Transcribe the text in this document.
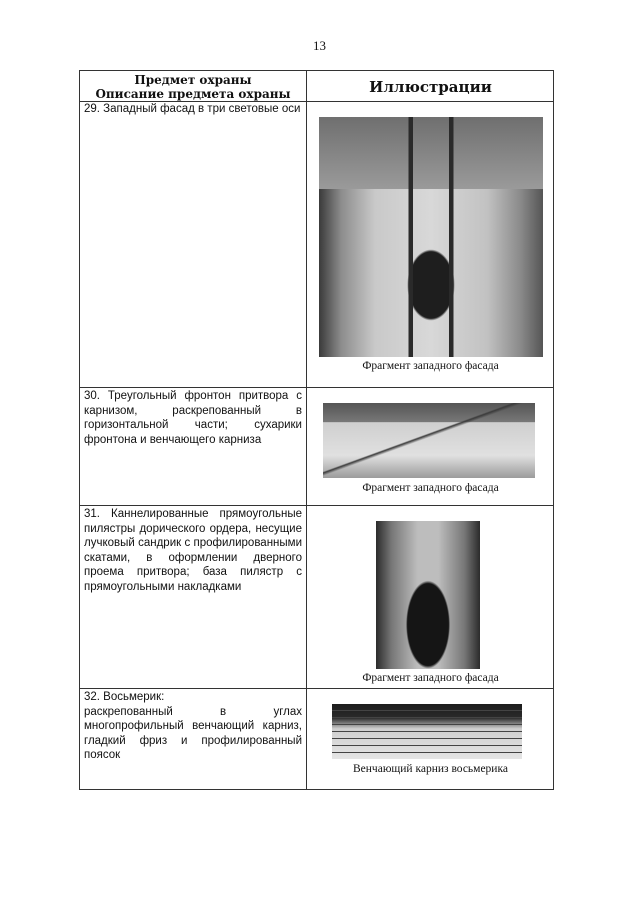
13
Предмет охраны
Описание предмета охраны	Иллюстрации
29. Западный фасад в три световые оси
Фрагмент западного фасада
30. Треугольный фронтон притвора с карнизом, раскрепованный в горизонтальной части; сухарики фронтона и венчающего карниза
Фрагмент западного фасада
31. Каннелированные прямоугольные пилястры дорического ордера, несущие лучковый сандрик с профилированными скатами, в оформлении дверного проема притвора; база пилястр с прямоугольными накладками
Фрагмент западного фасада
32. Восьмерик:
раскрепованный в углах многопрофильный венчающий карниз, гладкий фриз и профилированный поясок
Венчающий карниз восьмерика
